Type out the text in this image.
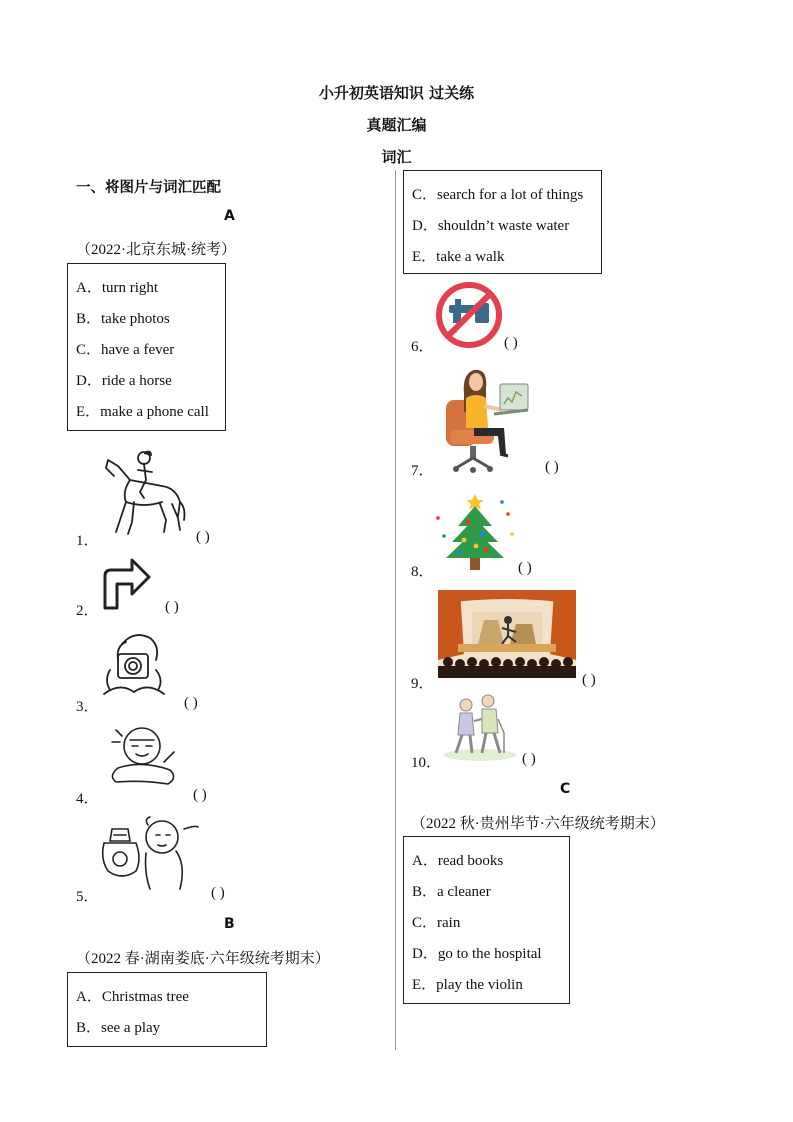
小升初英语知识 过关练
真题汇编
词汇
一、将图片与词汇匹配
A
（2022·北京东城·统考）
A．turn right
B．take photos
C．have a fever
D．ride a horse
E．make a phone call
1．	( )
2．	( )
3．	( )
4．	( )
5．	( )
B
（2022 春·湖南娄底·六年级统考期末）
A．Christmas tree
B．see a play
C．search for a lot of things
D．shouldn’t waste water
E．take a walk
6．	( )
7．	( )
8．	( )
9．	( )
10．	( )
C
（2022 秋·贵州毕节·六年级统考期末）
A．read books
B．a cleaner
C．rain
D．go to the hospital
E．play the violin
